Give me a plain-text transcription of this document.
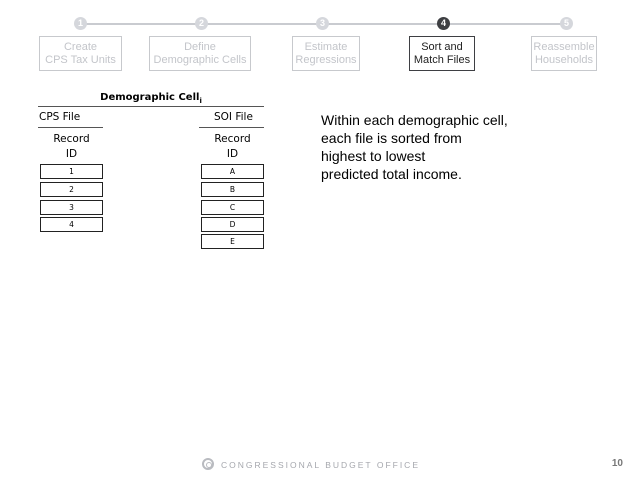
1	2	3	4	5
Create
CPS Tax Units
Define
Demographic Cells
Estimate
Regressions
Sort and
Match Files
Reassemble
Households
Demographic Cell$_i$
CPS File	SOI File
Record
ID
Record
ID
1
2
3
4
A
B
C
D
E

Within each demographic cell,

each file is sorted from

highest to lowest

predicted total income.

CONGRESSIONAL BUDGET OFFICE	10
